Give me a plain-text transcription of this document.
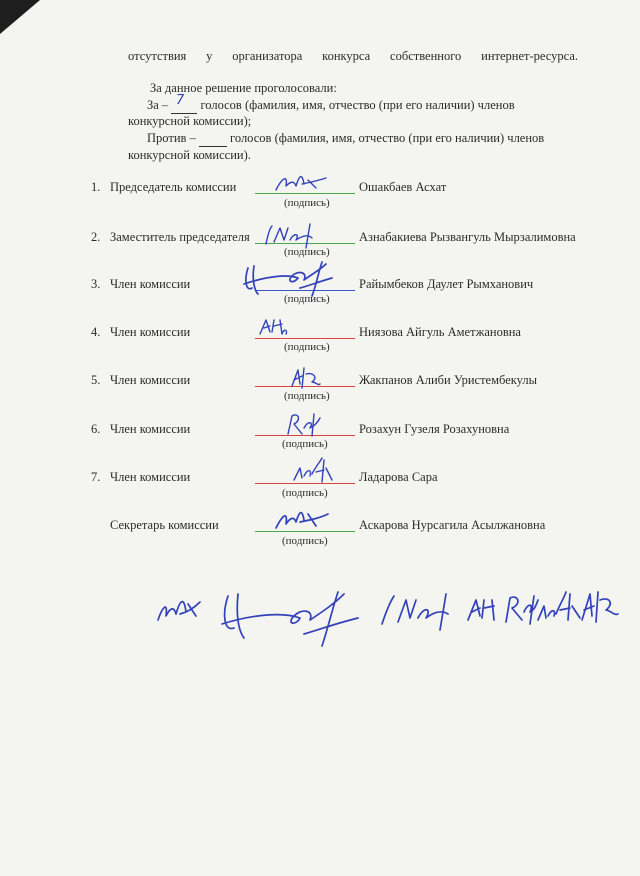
отсутствия у организатора конкурса собственного интернет-ресурса.
За данное решение проголосовали:
За –	голосов (фамилия, имя, отчество (при его наличии) членов
7
конкурсной комиссии);
Против –	голосов (фамилия, имя, отчество (при его наличии) членов
конкурсной комиссии).
1. Председатель комиссии	Ошакбаев Асхат
(подпись)
2. Заместитель председателя	Азнабакиева Рызвангуль Мырзалимовна
(подпись)
3. Член комиссии	Райымбеков Даулет Рымханович
(подпись)
4. Член комиссии	Ниязова Айгуль Аметжановна
(подпись)
5. Член комиссии	Жакпанов Алиби Уристембекулы
(подпись)
6. Член комиссии	Розахун Гузеля Розахуновна
(подпись)
7. Член комиссии	Ладарова Сара
(подпись)
Секретарь комиссии	Аскарова Нурсагила Асылжановна
(подпись)
